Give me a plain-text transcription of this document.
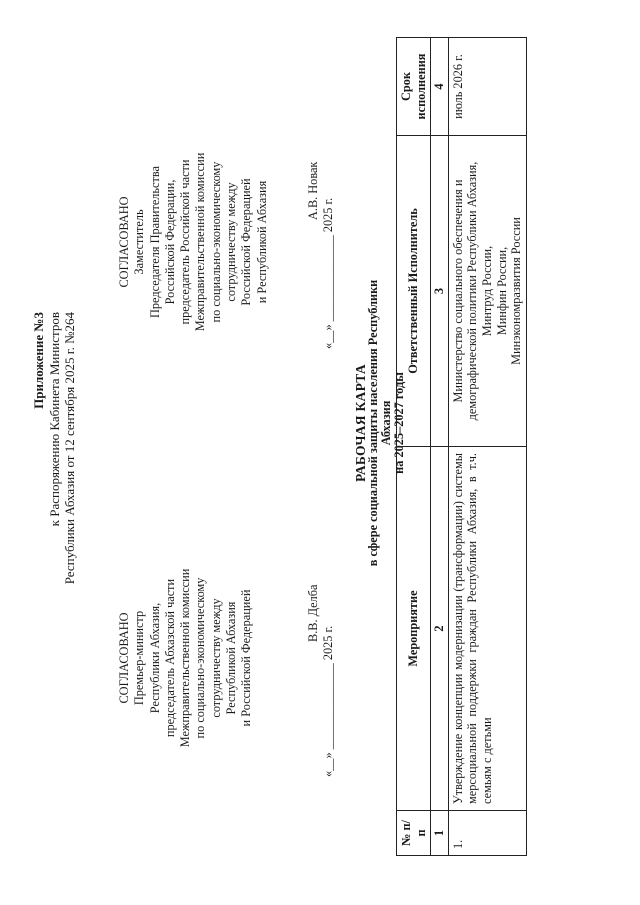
Приложение №3 к Распоряжению Кабинета Министров Республики Абхазия от 12 сентября 2025 г. №264
СОГЛАСОВАНО Премьер-министр Республики Абхазия, председатель Абхазской части Межправительственной комиссии по социально-экономическому сотрудничеству между Республикой Абхазия и Российской Федерацией	В.В. Делба
«__» ______________ 2025 г.
СОГЛАСОВАНО Заместитель Председателя Правительства Российской Федерации, председатель Российской части Межправительственной комиссии по социально-экономическому сотрудничеству между Российской Федерацией и Республикой Абхазия	А.В. Новак
«__» ______________ 2025 г.
РАБОЧАЯ КАРТА
в сфере социальной защиты населения Республики Абхазия на 2025–2027 годы
№ п/п	Мероприятие	Ответственный Исполнитель	Срок исполнения
1	2	3	4
1.	Утверждение концепции модернизации (трансформации) системы мерсоциальной поддержки граждан Республики Абхазия, в т.ч. семьям с детьми	Министерство социального обеспечения и демографической политики Республики Абхазия, Минтруд России, Минфин России, Минэкономразвития России	июль 2026 г.
